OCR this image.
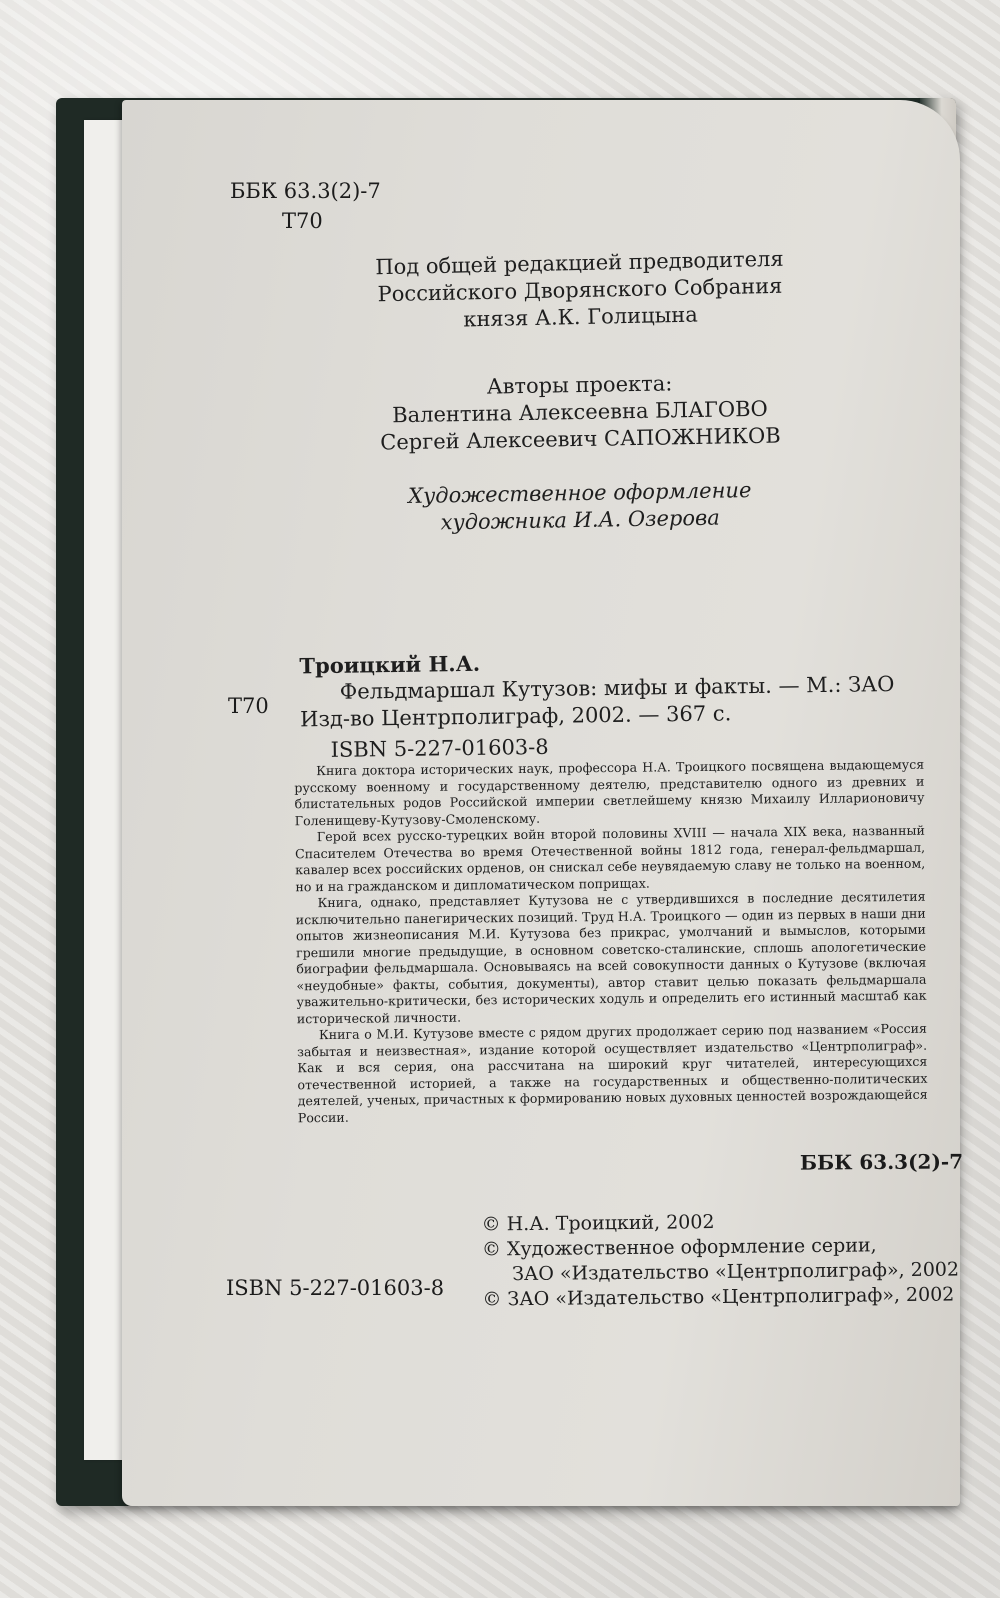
ББК 63.3(2)-7
Т70
Под общей редакцией предводителя
Российского Дворянского Собрания
князя А.К. Голицына
Авторы проекта:
Валентина Алексеевна БЛАГОВО
Сергей Алексеевич САПОЖНИКОВ
Художественное оформление
художника И.А. Озерова
Т70
Троицкий Н.А.
Фельдмаршал Кутузов: мифы и факты. — М.: ЗАО
Изд-во Центрполиграф, 2002. — 367 с.
ISBN 5-227-01603-8

Книга доктора исторических наук, профессора Н.А. Троицкого посвящена выдающемуся русскому военному и государственному деятелю, представителю одного из древних и блистательных родов Российской империи светлейшему князю Михаилу Илларионовичу Голенищеву-Кутузову-Смоленскому.

Герой всех русско-турецких войн второй половины XVIII — начала XIX века, названный Спасителем Отечества во время Отечественной войны 1812 года, генерал-фельдмаршал, кавалер всех российских орденов, он снискал себе неувядаемую славу не только на военном, но и на гражданском и дипломатическом поприщах.

Книга, однако, представляет Кутузова не с утвердившихся в последние десятилетия исключительно панегирических позиций. Труд Н.А. Троицкого — один из первых в наши дни опытов жизнеописания М.И. Кутузова без прикрас, умолчаний и вымыслов, которыми грешили многие предыдущие, в основном советско-сталинские, сплошь апологетические биографии фельдмаршала. Основываясь на всей совокупности данных о Кутузове (включая «неудобные» факты, события, документы), автор ставит целью показать фельдмаршала уважительно-критически, без исторических ходуль и определить его истинный масштаб как исторической личности.

Книга о М.И. Кутузове вместе с рядом других продолжает серию под названием «Россия забытая и неизвестная», издание которой осуществляет издательство «Центрполиграф». Как и вся серия, она рассчитана на широкий круг читателей, интересующихся отечественной историей, а также на государственных и общественно-политических деятелей, ученых, причастных к формированию новых духовных ценностей возрождающейся России.

ББК 63.3(2)-7
© Н.А. Троицкий, 2002
© Художественное оформление серии,
ЗАО «Издательство «Центрполиграф», 2002
© ЗАО «Издательство «Центрполиграф», 2002
ISBN 5-227-01603-8
